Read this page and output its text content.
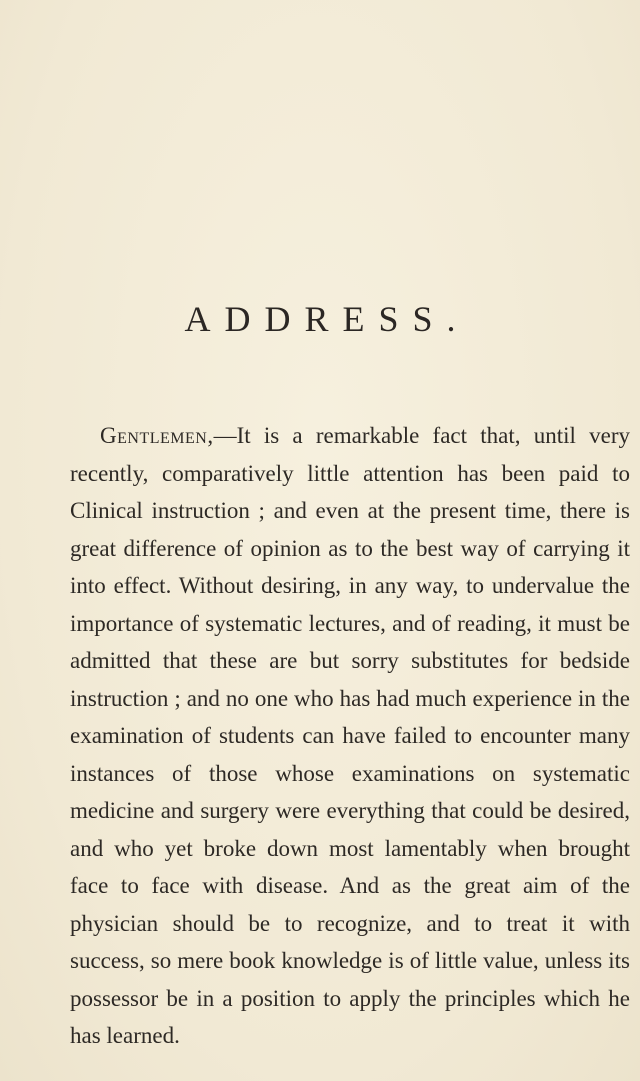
ADDRESS.

Gentlemen,—It is a remarkable fact that, until very recently, comparatively little attention has been paid to Clinical instruction ; and even at the present time, there is great difference of opinion as to the best way of carrying it into effect. Without desiring, in any way, to undervalue the importance of systematic lectures, and of reading, it must be admitted that these are but sorry substitutes for bedside instruction ; and no one who has had much experience in the examination of students can have failed to encounter many instances of those whose examinations on systematic medicine and surgery were everything that could be desired, and who yet broke down most lamentably when brought face to face with disease. And as the great aim of the physician should be to recognize, and to treat it with success, so mere book knowledge is of little value, unless its possessor be in a position to apply the principles which he has learned.
